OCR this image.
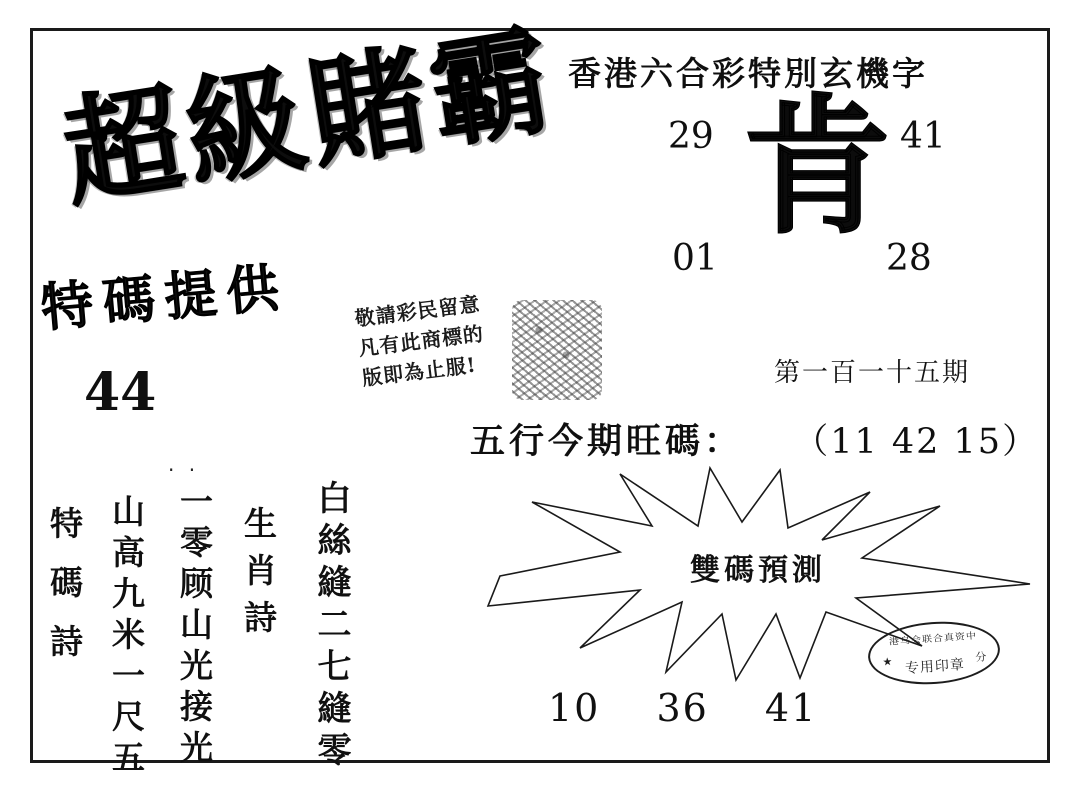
超級賭霸
特碼提供
44
敬請彩民留意
凡有此商標的
版即為止服!
香港六合彩特別玄機字
肯
29	41
01	28
第一百一十五期
五行今期旺碼： （11 42 15）
雙碼預測
10 36 41
港乌会联合真资中
★	分
专用印章
. .
特碼詩 山高九米一尺五 一零顾山光接光 生肖詩 白絲縫二七縫零
